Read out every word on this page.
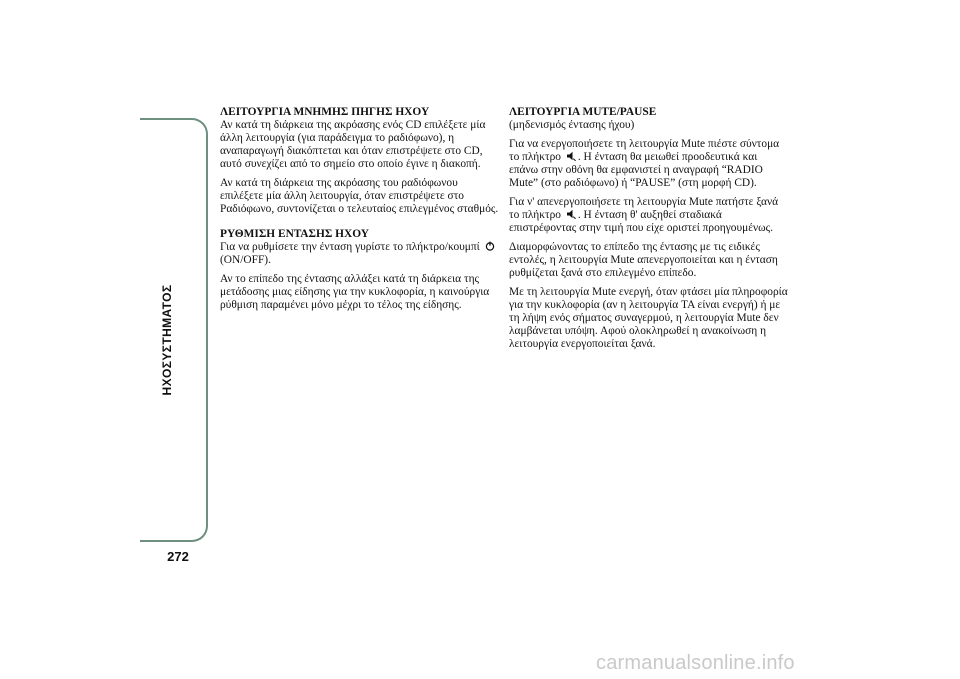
ΗΧΟΣΥΣΤΗΜΑΤΟΣ
272
ΛΕΙΤΟΥΡΓΙΑ ΜΝΗΜΗΣ ΠΗΓΗΣ ΗΧΟΥ

Αν κατά τη διάρκεια της ακρόασης ενός CD επιλέξετε μία άλλη λειτουργία (για παράδειγμα το ραδιόφωνο), η αναπαραγωγή διακόπτεται και όταν επιστρέψετε στο CD, αυτό συνεχίζει από το σημείο στο οποίο έγινε η διακοπή.

Αν κατά τη διάρκεια της ακρόασης του ραδιόφωνου επιλέξετε μία άλλη λειτουργία, όταν επιστρέψετε στο Ραδιόφωνο, συντονίζεται ο τελευταίος επιλεγμένος σταθμός.

ΡΥΘΜΙΣΗ ΕΝΤΑΣΗΣ ΗΧΟΥ

Για να ρυθμίσετε την ένταση γυρίστε το πλήκτρο/κουμπί  (ON/OFF).

Αν το επίπεδο της έντασης αλλάξει κατά τη διάρκεια της μετάδοσης μιας είδησης για την κυκλοφορία, η καινούργια ρύθμιση παραμένει μόνο μέχρι το τέλος της είδησης.

ΛΕΙΤΟΥΡΓΙΑ MUTE/PAUSE

(μηδενισμός έντασης ήχου)

Για να ενεργοποιήσετε τη λειτουργία Mute πιέστε σύντομα το πλήκτρο . Η ένταση θα μειωθεί προοδευτικά και επάνω στην οθόνη θα εμφανιστεί η αναγραφή “RADIO Mute” (στο ραδιόφωνο) ή “PAUSE” (στη μορφή CD).

Για ν' απενεργοποιήσετε τη λειτουργία Mute πατήστε ξανά το πλήκτρο . Η ένταση θ' αυξηθεί σταδιακά επιστρέφοντας στην τιμή που είχε οριστεί προηγουμένως.

Διαμορφώνοντας το επίπεδο της έντασης με τις ειδικές εντολές, η λειτουργία Mute απενεργοποιείται και η ένταση ρυθμίζεται ξανά στο επιλεγμένο επίπεδο.

Με τη λειτουργία Mute ενεργή, όταν φτάσει μία πληροφορία για την κυκλοφορία (αν η λειτουργία TA είναι ενεργή) ή με τη λήψη ενός σήματος συναγερμού, η λειτουργία Mute δεν λαμβάνεται υπόψη. Αφού ολοκληρωθεί η ανακοίνωση η λειτουργία ενεργοποιείται ξανά.

carmanualsonline.info
